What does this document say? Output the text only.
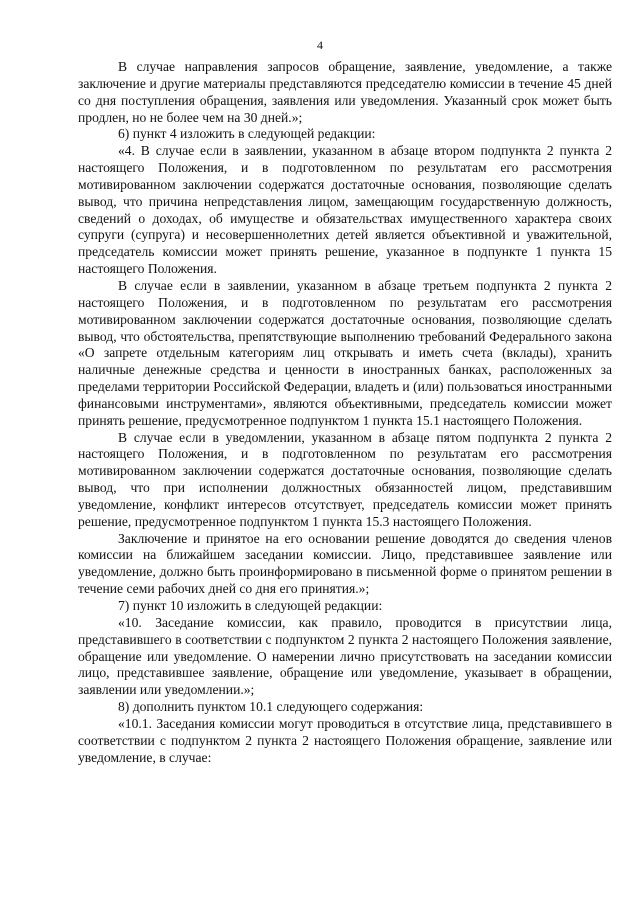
4

В случае направления запросов обращение, заявление, уведомление, а также заключение и другие материалы представляются председателю комиссии в течение 45 дней со дня поступления обращения, заявления или уведомления. Указанный срок может быть продлен, но не более чем на 30 дней.»;

6) пункт 4 изложить в следующей редакции:

«4. В случае если в заявлении, указанном в абзаце втором подпункта 2 пункта 2 настоящего Положения, и в подготовленном по результатам его рассмотрения мотивированном заключении содержатся достаточные основания, позволяющие сделать вывод, что причина непредставления лицом, замещающим государственную должность, сведений о доходах, об имуществе и обязательствах имущественного характера своих супруги (супруга) и несовершеннолетних детей является объективной и уважительной, председатель комиссии может принять решение, указанное в подпункте 1 пункта 15 настоящего Положения.

В случае если в заявлении, указанном в абзаце третьем подпункта 2 пункта 2 настоящего Положения, и в подготовленном по результатам его рассмотрения мотивированном заключении содержатся достаточные основания, позволяющие сделать вывод, что обстоятельства, препятствующие выполнению требований Федерального закона «О запрете отдельным категориям лиц открывать и иметь счета (вклады), хранить наличные денежные средства и ценности в иностранных банках, расположенных за пределами территории Российской Федерации, владеть и (или) пользоваться иностранными финансовыми инструментами», являются объективными, председатель комиссии может принять решение, предусмотренное подпунктом 1 пункта 15.1 настоящего Положения.

В случае если в уведомлении, указанном в абзаце пятом подпункта 2 пункта 2 настоящего Положения, и в подготовленном по результатам его рассмотрения мотивированном заключении содержатся достаточные основания, позволяющие сделать вывод, что при исполнении должностных обязанностей лицом, представившим уведомление, конфликт интересов отсутствует, председатель комиссии может принять решение, предусмотренное подпунктом 1 пункта 15.3 настоящего Положения.

Заключение и принятое на его основании решение доводятся до сведения членов комиссии на ближайшем заседании комиссии. Лицо, представившее заявление или уведомление, должно быть проинформировано в письменной форме о принятом решении в течение семи рабочих дней со дня его принятия.»;

7) пункт 10 изложить в следующей редакции:

«10. Заседание комиссии, как правило, проводится в присутствии лица, представившего в соответствии с подпунктом 2 пункта 2 настоящего Положения заявление, обращение или уведомление. О намерении лично присутствовать на заседании комиссии лицо, представившее заявление, обращение или уведомление, указывает в обращении, заявлении или уведомлении.»;

8) дополнить пунктом 10.1 следующего содержания:

«10.1. Заседания комиссии могут проводиться в отсутствие лица, представившего в соответствии с подпунктом 2 пункта 2 настоящего Положения обращение, заявление или уведомление, в случае:
